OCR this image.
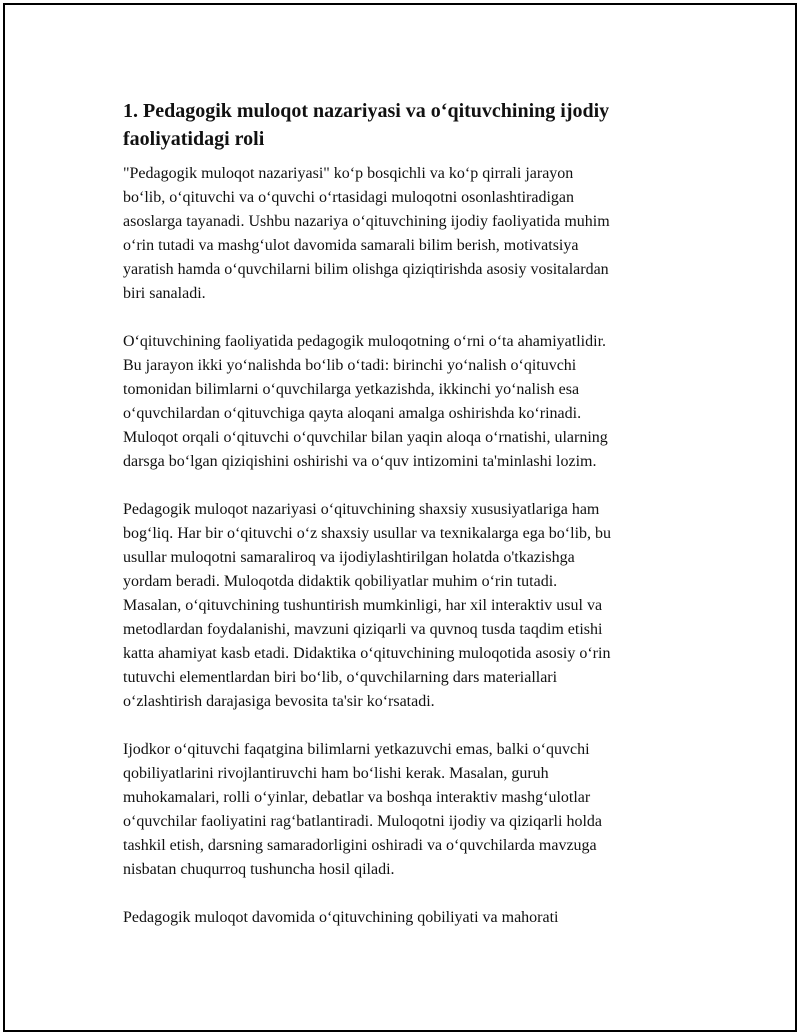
1. Pedagogik muloqot nazariyasi va o‘qituvchining ijodiy
faoliyatidagi roli

"Pedagogik muloqot nazariyasi" ko‘p bosqichli va ko‘p qirrali jarayon
bo‘lib, o‘qituvchi va o‘quvchi o‘rtasidagi muloqotni osonlashtiradigan
asoslarga tayanadi. Ushbu nazariya o‘qituvchining ijodiy faoliyatida muhim
o‘rin tutadi va mashg‘ulot davomida samarali bilim berish, motivatsiya
yaratish hamda o‘quvchilarni bilim olishga qiziqtirishda asosiy vositalardan
biri sanaladi.

O‘qituvchining faoliyatida pedagogik muloqotning o‘rni o‘ta ahamiyatlidir.
Bu jarayon ikki yo‘nalishda bo‘lib o‘tadi: birinchi yo‘nalish o‘qituvchi
tomonidan bilimlarni o‘quvchilarga yetkazishda, ikkinchi yo‘nalish esa
o‘quvchilardan o‘qituvchiga qayta aloqani amalga oshirishda ko‘rinadi.
Muloqot orqali o‘qituvchi o‘quvchilar bilan yaqin aloqa o‘rnatishi, ularning
darsga bo‘lgan qiziqishini oshirishi va o‘quv intizomini ta'minlashi lozim.

Pedagogik muloqot nazariyasi o‘qituvchining shaxsiy xususiyatlariga ham
bog‘liq. Har bir o‘qituvchi o‘z shaxsiy usullar va texnikalarga ega bo‘lib, bu
usullar muloqotni samaraliroq va ijodiylashtirilgan holatda o'tkazishga
yordam beradi. Muloqotda didaktik qobiliyatlar muhim o‘rin tutadi.
Masalan, o‘qituvchining tushuntirish mumkinligi, har xil interaktiv usul va
metodlardan foydalanishi, mavzuni qiziqarli va quvnoq tusda taqdim etishi
katta ahamiyat kasb etadi. Didaktika o‘qituvchining muloqotida asosiy o‘rin
tutuvchi elementlardan biri bo‘lib, o‘quvchilarning dars materiallari
o‘zlashtirish darajasiga bevosita ta'sir ko‘rsatadi.

Ijodkor o‘qituvchi faqatgina bilimlarni yetkazuvchi emas, balki o‘quvchi
qobiliyatlarini rivojlantiruvchi ham bo‘lishi kerak. Masalan, guruh
muhokamalari, rolli o‘yinlar, debatlar va boshqa interaktiv mashg‘ulotlar
o‘quvchilar faoliyatini rag‘batlantiradi. Muloqotni ijodiy va qiziqarli holda
tashkil etish, darsning samaradorligini oshiradi va o‘quvchilarda mavzuga
nisbatan chuqurroq tushuncha hosil qiladi.

Pedagogik muloqot davomida o‘qituvchining qobiliyati va mahorati
